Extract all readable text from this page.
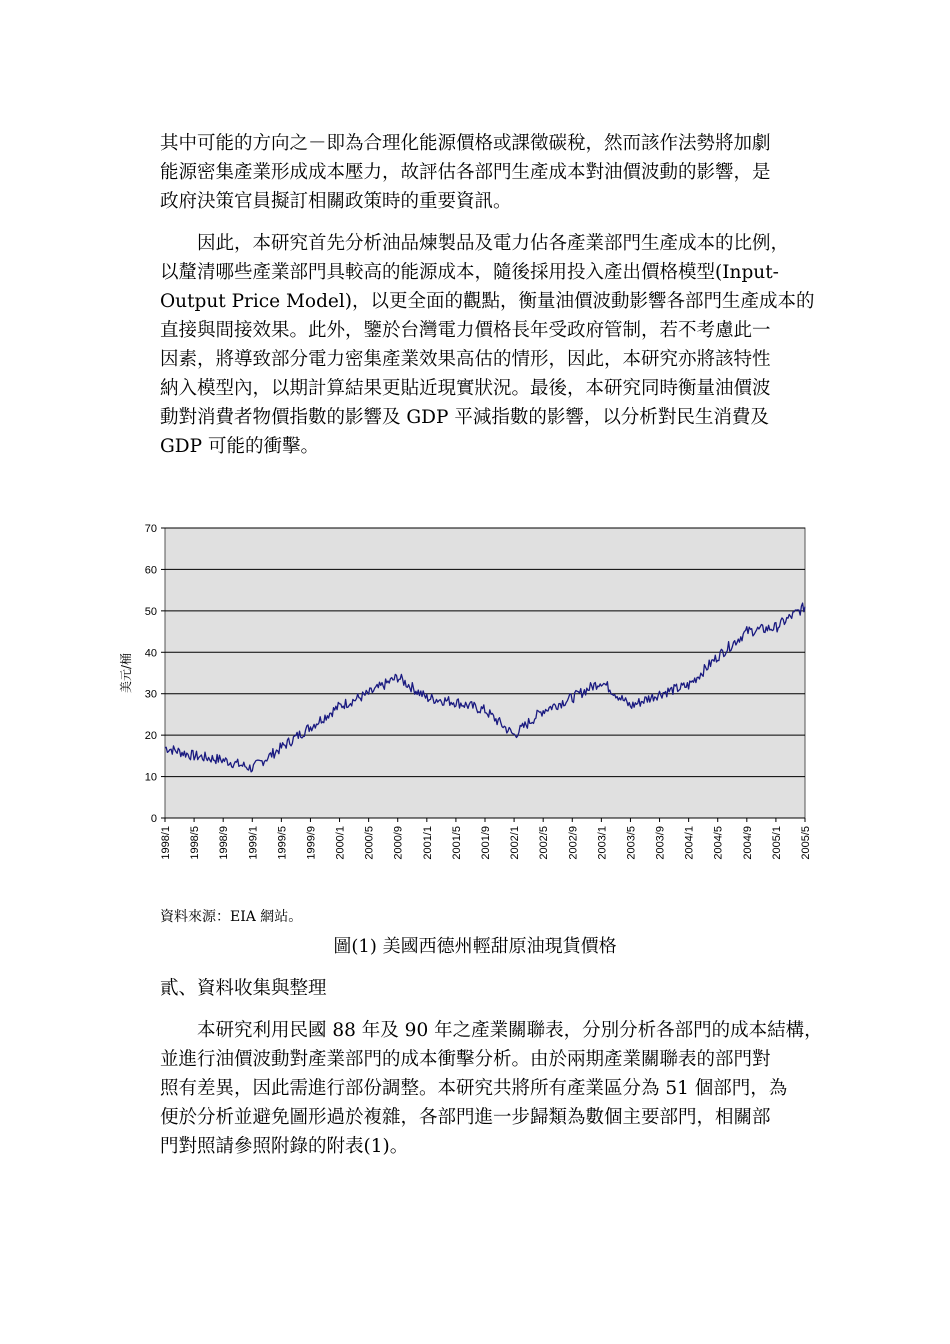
其中可能的方向之－即為合理化能源價格或課徵碳稅，然而該作法勢將加劇
能源密集產業形成成本壓力，故評估各部門生產成本對油價波動的影響，是
政府決策官員擬訂相關政策時的重要資訊。
因此，本研究首先分析油品煉製品及電力佔各產業部門生產成本的比例，
以釐清哪些產業部門具較高的能源成本，隨後採用投入產出價格模型(Input-
Output Price Model)，以更全面的觀點，衡量油價波動影響各部門生產成本的
直接與間接效果。此外，鑒於台灣電力價格長年受政府管制，若不考慮此一
因素，將導致部分電力密集產業效果高估的情形，因此，本研究亦將該特性
納入模型內，以期計算結果更貼近現實狀況。最後，本研究同時衡量油價波
動對消費者物價指數的影響及 GDP 平減指數的影響，以分析對民生消費及
GDP 可能的衝擊。
0
10
20
30
40
50
60
70
1998/1 1998/5 1998/9 1999/1 1999/5 1999/9 2000/1 2000/5 2000/9 2001/1 2001/5 2001/9 2002/1 2002/5 2002/9 2003/1 2003/5 2003/9 2004/1 2004/5 2004/9 2005/1 2005/5
美元/桶
資料來源：EIA 網站。
圖(1) 美國西德州輕甜原油現貨價格
貳、資料收集與整理
本研究利用民國 88 年及 90 年之產業關聯表，分別分析各部門的成本結構，
並進行油價波動對產業部門的成本衝擊分析。由於兩期產業關聯表的部門對
照有差異，因此需進行部份調整。本研究共將所有產業區分為 51 個部門，為
便於分析並避免圖形過於複雜，各部門進一步歸類為數個主要部門，相關部
門對照請參照附錄的附表(1)。
